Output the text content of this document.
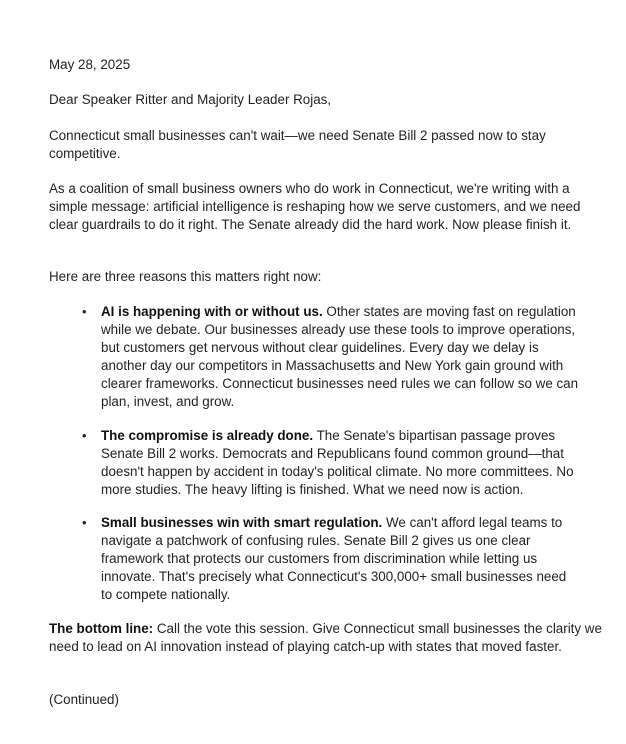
May 28, 2025

Dear Speaker Ritter and Majority Leader Rojas,

Connecticut small businesses can't wait—we need Senate Bill 2 passed now to stay competitive.

As a coalition of small business owners who do work in Connecticut, we're writing with a simple message: artificial intelligence is reshaping how we serve customers, and we need clear guardrails to do it right. The Senate already did the hard work. Now please finish it.

Here are three reasons this matters right now:

• AI is happening with or without us. Other states are moving fast on regulation while we debate. Our businesses already use these tools to improve operations, but customers get nervous without clear guidelines. Every day we delay is another day our competitors in Massachusetts and New York gain ground with clearer frameworks. Connecticut businesses need rules we can follow so we can plan, invest, and grow.

• The compromise is already done. The Senate's bipartisan passage proves Senate Bill 2 works. Democrats and Republicans found common ground—that doesn't happen by accident in today's political climate. No more committees. No more studies. The heavy lifting is finished. What we need now is action.

• Small businesses win with smart regulation. We can't afford legal teams to navigate a patchwork of confusing rules. Senate Bill 2 gives us one clear framework that protects our customers from discrimination while letting us innovate. That's precisely what Connecticut's 300,000+ small businesses need to compete nationally.

The bottom line: Call the vote this session. Give Connecticut small businesses the clarity we need to lead on AI innovation instead of playing catch-up with states that moved faster.

(Continued)
